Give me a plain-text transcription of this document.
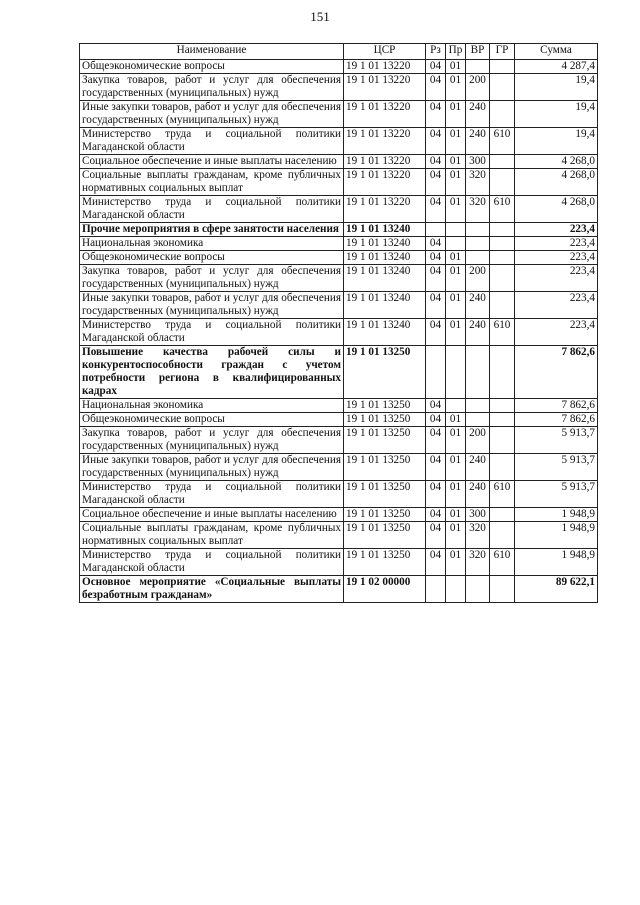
151
Наименование	ЦСР	Рз	Пр	ВР	ГР	Сумма
Общеэкономические вопросы	19 1 01 13220	04	01			4 287,4
Закупка товаров, работ и услуг для обеспечения государственных (муниципальных) нужд	19 1 01 13220	04	01	200		19,4
Иные закупки товаров, работ и услуг для обеспечения государственных (муниципальных) нужд	19 1 01 13220	04	01	240		19,4
Министерство труда и социальной политики Магаданской области	19 1 01 13220	04	01	240	610	19,4
Социальное обеспечение и иные выплаты населению	19 1 01 13220	04	01	300		4 268,0
Социальные выплаты гражданам, кроме публичных нормативных социальных выплат	19 1 01 13220	04	01	320		4 268,0
Министерство труда и социальной политики Магаданской области	19 1 01 13220	04	01	320	610	4 268,0
Прочие мероприятия в сфере занятости населения	19 1 01 13240					223,4
Национальная экономика	19 1 01 13240	04				223,4
Общеэкономические вопросы	19 1 01 13240	04	01			223,4
Закупка товаров, работ и услуг для обеспечения государственных (муниципальных) нужд	19 1 01 13240	04	01	200		223,4
Иные закупки товаров, работ и услуг для обеспечения государственных (муниципальных) нужд	19 1 01 13240	04	01	240		223,4
Министерство труда и социальной политики Магаданской области	19 1 01 13240	04	01	240	610	223,4
Повышение качества рабочей силы и конкурентоспособности граждан с учетом потребности региона в квалифицированных кадрах	19 1 01 13250					7 862,6
Национальная экономика	19 1 01 13250	04				7 862,6
Общеэкономические вопросы	19 1 01 13250	04	01			7 862,6
Закупка товаров, работ и услуг для обеспечения государственных (муниципальных) нужд	19 1 01 13250	04	01	200		5 913,7
Иные закупки товаров, работ и услуг для обеспечения государственных (муниципальных) нужд	19 1 01 13250	04	01	240		5 913,7
Министерство труда и социальной политики Магаданской области	19 1 01 13250	04	01	240	610	5 913,7
Социальное обеспечение и иные выплаты населению	19 1 01 13250	04	01	300		1 948,9
Социальные выплаты гражданам, кроме публичных нормативных социальных выплат	19 1 01 13250	04	01	320		1 948,9
Министерство труда и социальной политики Магаданской области	19 1 01 13250	04	01	320	610	1 948,9
Основное мероприятие «Социальные выплаты безработным гражданам»	19 1 02 00000					89 622,1
